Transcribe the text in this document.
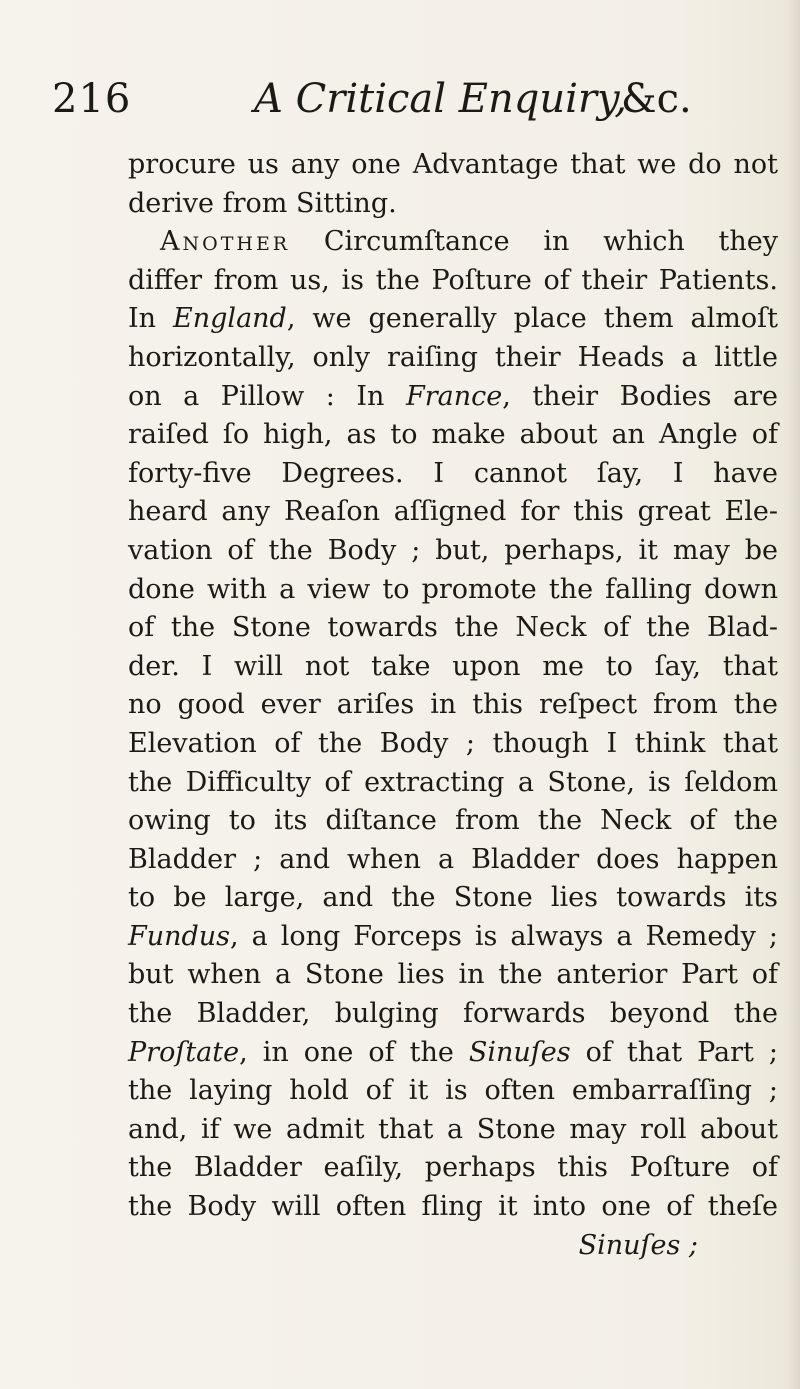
216	A Critical Enquiry,
&c.
procure us any one Advantage that we do not
derive from Sitting.
Another Circumſtance in which they
differ from us, is the Poſture of their Patients.
In England, we generally place them almoſt
horizontally, only raiſing their Heads a little
on a Pillow : In France, their Bodies are
raiſed ſo high, as to make about an Angle of
forty-five Degrees. I cannot ſay, I have
heard any Reaſon aſſigned for this great Ele-
vation of the Body ; but, perhaps, it may be
done with a view to promote the falling down
of the Stone towards the Neck of the Blad-
der. I will not take upon me to ſay, that
no good ever ariſes in this reſpect from the
Elevation of the Body ; though I think that
the Difficulty of extracting a Stone, is ſeldom
owing to its diſtance from the Neck of the
Bladder ; and when a Bladder does happen
to be large, and the Stone lies towards its
Fundus, a long Forceps is always a Remedy ;
but when a Stone lies in the anterior Part of
the Bladder, bulging forwards beyond the
Proſtate, in one of the Sinuſes of that Part ;
the laying hold of it is often embarraſſing ;
and, if we admit that a Stone may roll about
the Bladder eaſily, perhaps this Poſture of
the Body will often fling it into one of theſe
Sinuſes ;
